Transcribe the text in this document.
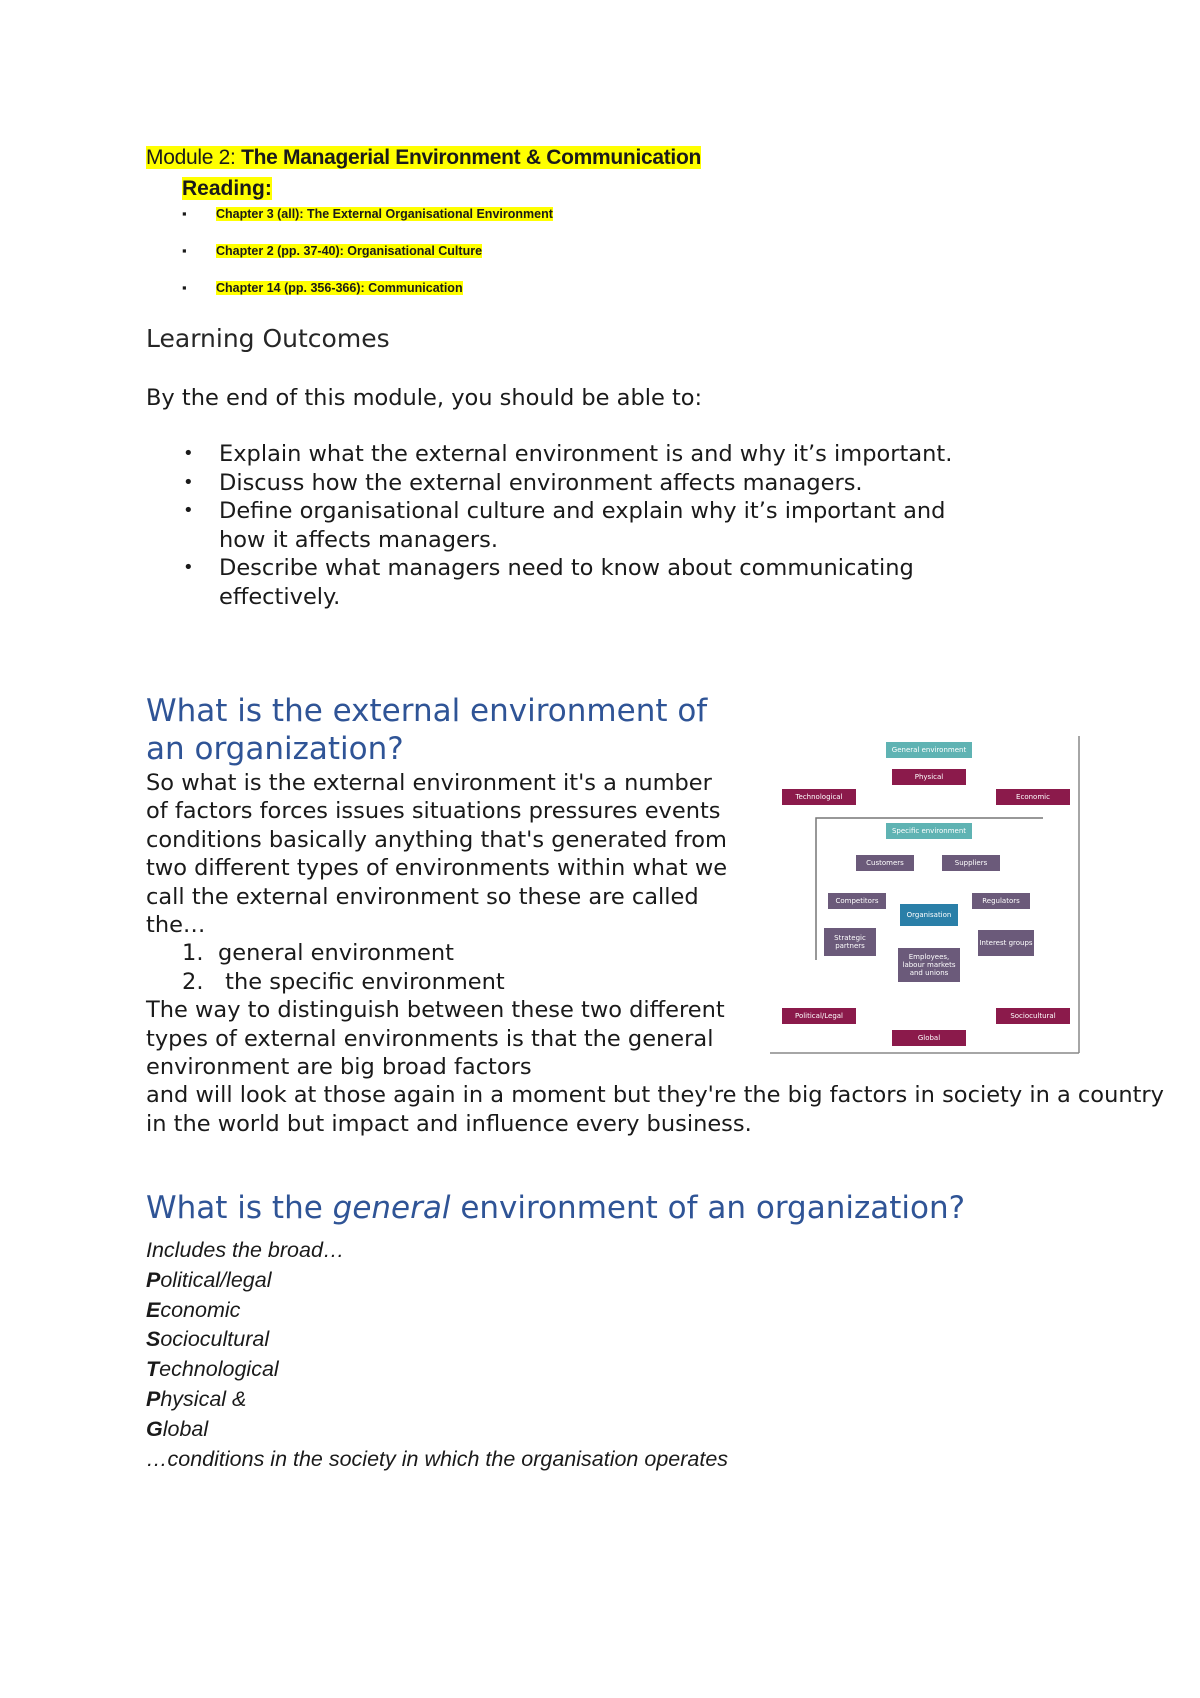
Module 2: The Managerial Environment & Communication
Reading:
▪ Chapter 3 (all): The External Organisational Environment
▪ Chapter 2 (pp. 37-40): Organisational Culture
▪ Chapter 14 (pp. 356-366): Communication
Learning Outcomes
By the end of this module, you should be able to:
• Explain what the external environment is and why it’s important.
• Discuss how the external environment affects managers.
• Define organisational culture and explain why it’s important and how it affects managers.
• Describe what managers need to know about communicating effectively.
What is the external environment of an organization?
So what is the external environment it's a number of factors forces issues situations pressures events conditions basically anything that's generated from two different types of environments within what we call the external environment so these are called the…
1. general environment
2. the specific environment
The way to distinguish between these two different types of external environments is that the general environment are big broad factors
and will look at those again in a moment but they're the big factors in society in a country in the world but impact and influence every business.
General environment
Physical
Technological	Economic
Specific environment
Customers	Suppliers
Competitors
Organisation
Regulators
Strategic partners	Interest groups
Employees, labour markets and unions
Political/Legal	Sociocultural
Global
What is the general environment of an organization?
Includes the broad…
Political/legal
Economic
Sociocultural
Technological
Physical &
Global
…conditions in the society in which the organisation operates
